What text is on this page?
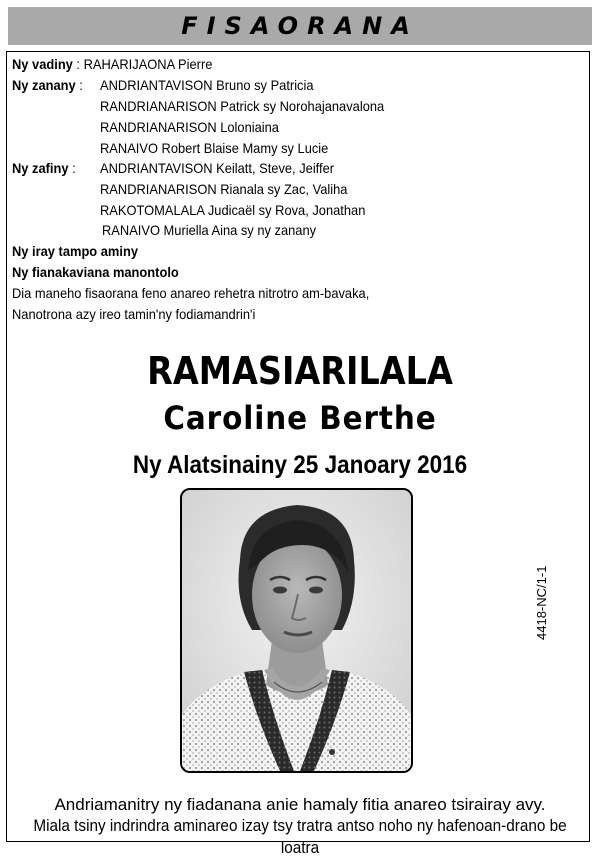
FISAORANA
Ny vadiny : RAHARIJAONA Pierre
Ny zanany : ANDRIANTAVISON Bruno sy Patricia
RANDRIANARISON Patrick sy Norohajanavalona
RANDRIANARISON Loloniaina
RANAIVO Robert Blaise Mamy sy Lucie
Ny zafiny : ANDRIANTAVISON Keilatt, Steve, Jeiffer
RANDRIANARISON Rianala sy Zac, Valiha
RAKOTOMALALA Judicaël sy Rova, Jonathan
RANAIVO Muriella Aina sy ny zanany
Ny iray tampo aminy
Ny fianakaviana manontolo
Dia maneho fisaorana feno anareo rehetra nitrotro am-bavaka,
Nanotrona azy ireo tamin'ny fodiamandrin'i
RAMASIARILALA
Caroline Berthe
Ny Alatsinainy 25 Janoary 2016
4418-NC/1-1
Andriamanitry ny fiadanana anie hamaly fitia anareo tsirairay avy.
Miala tsiny indrindra aminareo izay tsy tratra antso noho ny hafenoan-drano be loatra
